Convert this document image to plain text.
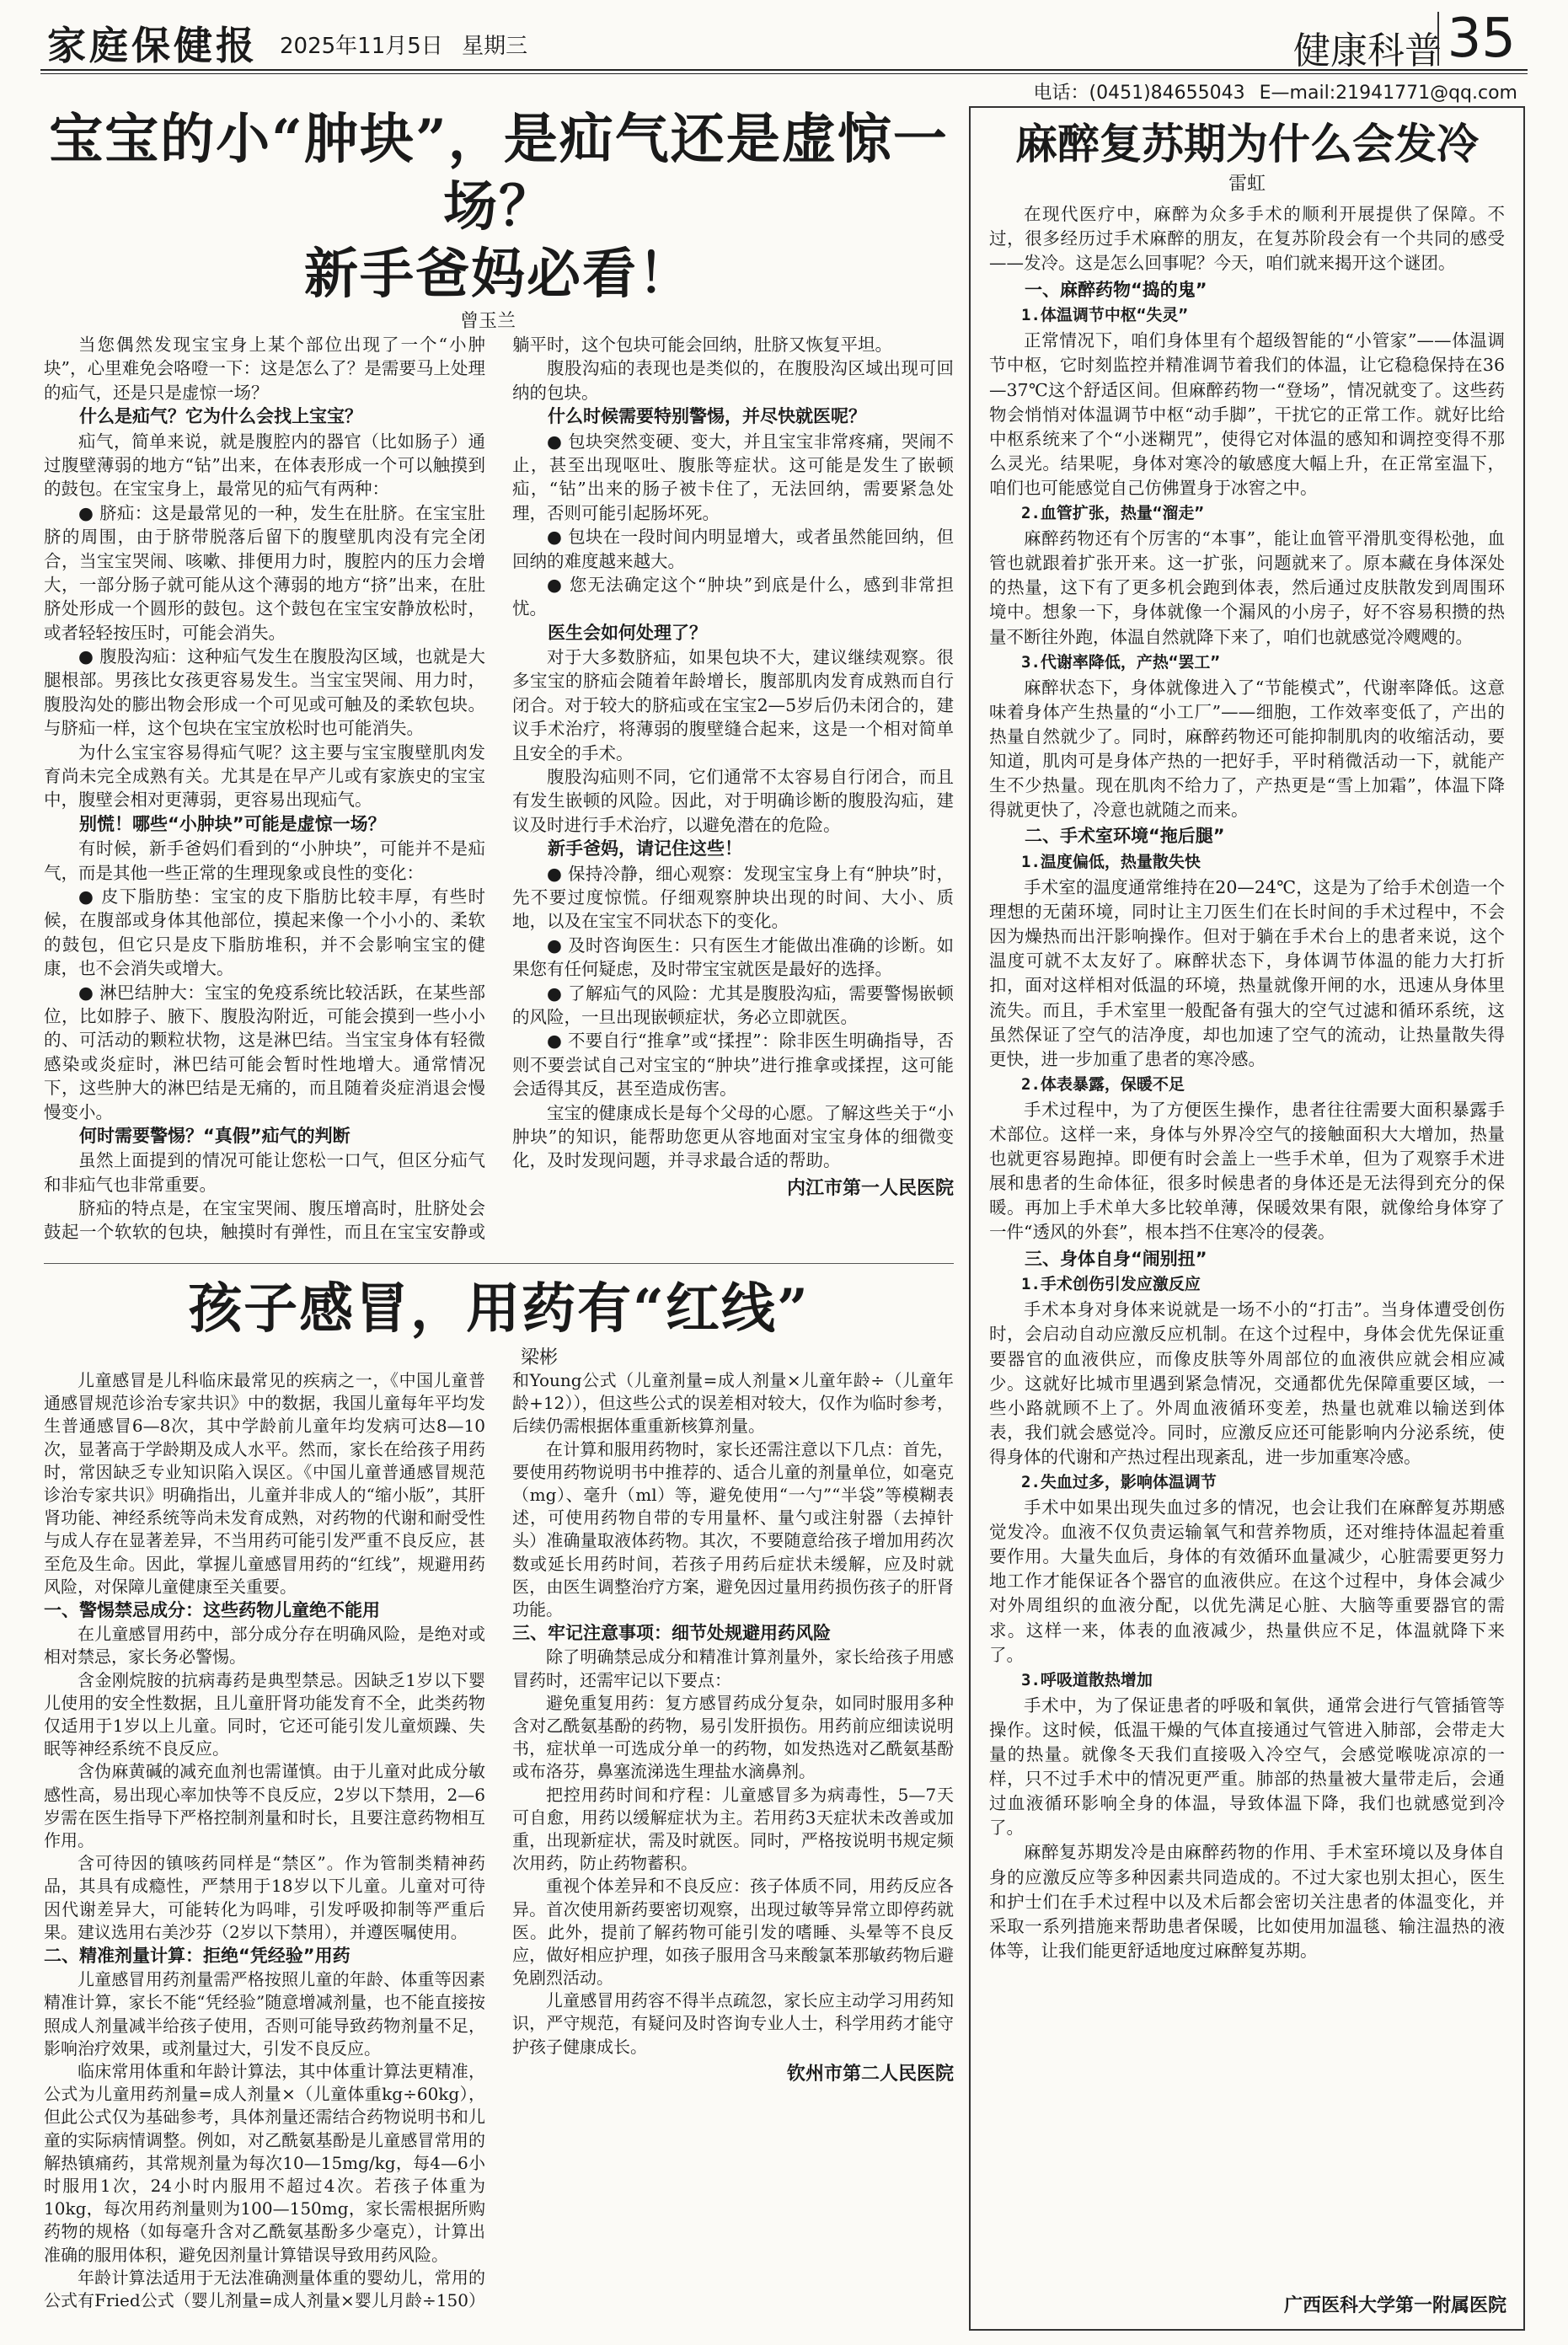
家庭保健报 2025年11月5日 星期三	健康科普 35
电话：(0451)84655043 E—mail:21941771@qq.com
宝宝的小“肿块”，是疝气还是虚惊一场？
新手爸妈必看！
曾玉兰

当您偶然发现宝宝身上某个部位出现了一个“小肿块”，心里难免会咯噔一下：这是怎么了？是需要马上处理的疝气，还是只是虚惊一场？

什么是疝气？它为什么会找上宝宝？

疝气，简单来说，就是腹腔内的器官（比如肠子）通过腹壁薄弱的地方“钻”出来，在体表形成一个可以触摸到的鼓包。在宝宝身上，最常见的疝气有两种：

● 脐疝：这是最常见的一种，发生在肚脐。在宝宝肚脐的周围，由于脐带脱落后留下的腹壁肌肉没有完全闭合，当宝宝哭闹、咳嗽、排便用力时，腹腔内的压力会增大，一部分肠子就可能从这个薄弱的地方“挤”出来，在肚脐处形成一个圆形的鼓包。这个鼓包在宝宝安静放松时，或者轻轻按压时，可能会消失。

● 腹股沟疝：这种疝气发生在腹股沟区域，也就是大腿根部。男孩比女孩更容易发生。当宝宝哭闹、用力时，腹股沟处的膨出物会形成一个可见或可触及的柔软包块。与脐疝一样，这个包块在宝宝放松时也可能消失。

为什么宝宝容易得疝气呢？这主要与宝宝腹壁肌肉发育尚未完全成熟有关。尤其是在早产儿或有家族史的宝宝中，腹壁会相对更薄弱，更容易出现疝气。

别慌！哪些“小肿块”可能是虚惊一场？

有时候，新手爸妈们看到的“小肿块”，可能并不是疝气，而是其他一些正常的生理现象或良性的变化：

● 皮下脂肪垫：宝宝的皮下脂肪比较丰厚，有些时候，在腹部或身体其他部位，摸起来像一个小小的、柔软的鼓包，但它只是皮下脂肪堆积，并不会影响宝宝的健康，也不会消失或增大。

● 淋巴结肿大：宝宝的免疫系统比较活跃，在某些部位，比如脖子、腋下、腹股沟附近，可能会摸到一些小小的、可活动的颗粒状物，这是淋巴结。当宝宝身体有轻微感染或炎症时，淋巴结可能会暂时性地增大。通常情况下，这些肿大的淋巴结是无痛的，而且随着炎症消退会慢慢变小。

何时需要警惕？“真假”疝气的判断

虽然上面提到的情况可能让您松一口气，但区分疝气和非疝气也非常重要。

脐疝的特点是，在宝宝哭闹、腹压增高时，肚脐处会鼓起一个软软的包块，触摸时有弹性，而且在宝宝安静或躺平时，这个包块可能会回纳，肚脐又恢复平坦。

腹股沟疝的表现也是类似的，在腹股沟区域出现可回纳的包块。

什么时候需要特别警惕，并尽快就医呢？

● 包块突然变硬、变大，并且宝宝非常疼痛，哭闹不止，甚至出现呕吐、腹胀等症状。这可能是发生了嵌顿疝，“钻”出来的肠子被卡住了，无法回纳，需要紧急处理，否则可能引起肠坏死。

● 包块在一段时间内明显增大，或者虽然能回纳，但回纳的难度越来越大。

● 您无法确定这个“肿块”到底是什么，感到非常担忧。

医生会如何处理了？

对于大多数脐疝，如果包块不大，建议继续观察。很多宝宝的脐疝会随着年龄增长，腹部肌肉发育成熟而自行闭合。对于较大的脐疝或在宝宝2—5岁后仍未闭合的，建议手术治疗，将薄弱的腹壁缝合起来，这是一个相对简单且安全的手术。

腹股沟疝则不同，它们通常不太容易自行闭合，而且有发生嵌顿的风险。因此，对于明确诊断的腹股沟疝，建议及时进行手术治疗，以避免潜在的危险。

新手爸妈，请记住这些！

● 保持冷静，细心观察：发现宝宝身上有“肿块”时，先不要过度惊慌。仔细观察肿块出现的时间、大小、质地，以及在宝宝不同状态下的变化。

● 及时咨询医生：只有医生才能做出准确的诊断。如果您有任何疑虑，及时带宝宝就医是最好的选择。

● 了解疝气的风险：尤其是腹股沟疝，需要警惕嵌顿的风险，一旦出现嵌顿症状，务必立即就医。

● 不要自行“推拿”或“揉捏”：除非医生明确指导，否则不要尝试自己对宝宝的“肿块”进行推拿或揉捏，这可能会适得其反，甚至造成伤害。

宝宝的健康成长是每个父母的心愿。了解这些关于“小肿块”的知识，能帮助您更从容地面对宝宝身体的细微变化，及时发现问题，并寻求最合适的帮助。

内江市第一人民医院
孩子感冒，用药有“红线”
梁彬

儿童感冒是儿科临床最常见的疾病之一，《中国儿童普通感冒规范诊治专家共识》中的数据，我国儿童每年平均发生普通感冒6—8次，其中学龄前儿童年均发病可达8—10次，显著高于学龄期及成人水平。然而，家长在给孩子用药时，常因缺乏专业知识陷入误区。《中国儿童普通感冒规范诊治专家共识》明确指出，儿童并非成人的“缩小版”，其肝肾功能、神经系统等尚未发育成熟，对药物的代谢和耐受性与成人存在显著差异，不当用药可能引发严重不良反应，甚至危及生命。因此，掌握儿童感冒用药的“红线”，规避用药风险，对保障儿童健康至关重要。

一、警惕禁忌成分：这些药物儿童绝不能用

在儿童感冒用药中，部分成分存在明确风险，是绝对或相对禁忌，家长务必警惕。

含金刚烷胺的抗病毒药是典型禁忌。因缺乏1岁以下婴儿使用的安全性数据，且儿童肝肾功能发育不全，此类药物仅适用于1岁以上儿童。同时，它还可能引发儿童烦躁、失眠等神经系统不良反应。

含伪麻黄碱的减充血剂也需谨慎。由于儿童对此成分敏感性高，易出现心率加快等不良反应，2岁以下禁用，2—6岁需在医生指导下严格控制剂量和时长，且要注意药物相互作用。

含可待因的镇咳药同样是“禁区”。作为管制类精神药品，其具有成瘾性，严禁用于18岁以下儿童。儿童对可待因代谢差异大，可能转化为吗啡，引发呼吸抑制等严重后果。建议选用右美沙芬（2岁以下禁用），并遵医嘱使用。

二、精准剂量计算：拒绝“凭经验”用药

儿童感冒用药剂量需严格按照儿童的年龄、体重等因素精准计算，家长不能“凭经验”随意增减剂量，也不能直接按照成人剂量减半给孩子使用，否则可能导致药物剂量不足，影响治疗效果，或剂量过大，引发不良反应。

临床常用体重和年龄计算法，其中体重计算法更精准，公式为儿童用药剂量=成人剂量×（儿童体重kg÷60kg），但此公式仅为基础参考，具体剂量还需结合药物说明书和儿童的实际病情调整。例如，对乙酰氨基酚是儿童感冒常用的解热镇痛药，其常规剂量为每次10—15mg/kg，每4—6小时服用1次，24小时内服用不超过4次。若孩子体重为10kg，每次用药剂量则为100—150mg，家长需根据所购药物的规格（如每毫升含对乙酰氨基酚多少毫克），计算出准确的服用体积，避免因剂量计算错误导致用药风险。

年龄计算法适用于无法准确测量体重的婴幼儿，常用的公式有Fried公式（婴儿剂量=成人剂量×婴儿月龄÷150）和Young公式（儿童剂量=成人剂量×儿童年龄÷（儿童年龄+12）），但这些公式的误差相对较大，仅作为临时参考，后续仍需根据体重重新核算剂量。

在计算和服用药物时，家长还需注意以下几点：首先，要使用药物说明书中推荐的、适合儿童的剂量单位，如毫克（mg）、毫升（ml）等，避免使用“一勺”“半袋”等模糊表述，可使用药物自带的专用量杯、量勺或注射器（去掉针头）准确量取液体药物。其次，不要随意给孩子增加用药次数或延长用药时间，若孩子用药后症状未缓解，应及时就医，由医生调整治疗方案，避免因过量用药损伤孩子的肝肾功能。

三、牢记注意事项：细节处规避用药风险

除了明确禁忌成分和精准计算剂量外，家长给孩子用感冒药时，还需牢记以下要点：

避免重复用药：复方感冒药成分复杂，如同时服用多种含对乙酰氨基酚的药物，易引发肝损伤。用药前应细读说明书，症状单一可选成分单一的药物，如发热选对乙酰氨基酚或布洛芬，鼻塞流涕选生理盐水滴鼻剂。

把控用药时间和疗程：儿童感冒多为病毒性，5—7天可自愈，用药以缓解症状为主。若用药3天症状未改善或加重，出现新症状，需及时就医。同时，严格按说明书规定频次用药，防止药物蓄积。

重视个体差异和不良反应：孩子体质不同，用药反应各异。首次使用新药要密切观察，出现过敏等异常立即停药就医。此外，提前了解药物可能引发的嗜睡、头晕等不良反应，做好相应护理，如孩子服用含马来酸氯苯那敏药物后避免剧烈活动。

儿童感冒用药容不得半点疏忽，家长应主动学习用药知识，严守规范，有疑问及时咨询专业人士，科学用药才能守护孩子健康成长。

钦州市第二人民医院
麻醉复苏期为什么会发冷
雷虹

在现代医疗中，麻醉为众多手术的顺利开展提供了保障。不过，很多经历过手术麻醉的朋友，在复苏阶段会有一个共同的感受——发冷。这是怎么回事呢？今天，咱们就来揭开这个谜团。

一、麻醉药物“捣的鬼”
1.体温调节中枢“失灵”

正常情况下，咱们身体里有个超级智能的“小管家”——体温调节中枢，它时刻监控并精准调节着我们的体温，让它稳稳保持在36—37℃这个舒适区间。但麻醉药物一“登场”，情况就变了。这些药物会悄悄对体温调节中枢“动手脚”，干扰它的正常工作。就好比给中枢系统来了个“小迷糊咒”，使得它对体温的感知和调控变得不那么灵光。结果呢，身体对寒冷的敏感度大幅上升，在正常室温下，咱们也可能感觉自己仿佛置身于冰窖之中。

2.血管扩张，热量“溜走”

麻醉药物还有个厉害的“本事”，能让血管平滑肌变得松弛，血管也就跟着扩张开来。这一扩张，问题就来了。原本藏在身体深处的热量，这下有了更多机会跑到体表，然后通过皮肤散发到周围环境中。想象一下，身体就像一个漏风的小房子，好不容易积攒的热量不断往外跑，体温自然就降下来了，咱们也就感觉冷飕飕的。

3.代谢率降低，产热“罢工”

麻醉状态下，身体就像进入了“节能模式”，代谢率降低。这意味着身体产生热量的“小工厂”——细胞，工作效率变低了，产出的热量自然就少了。同时，麻醉药物还可能抑制肌肉的收缩活动，要知道，肌肉可是身体产热的一把好手，平时稍微活动一下，就能产生不少热量。现在肌肉不给力了，产热更是“雪上加霜”，体温下降得就更快了，冷意也就随之而来。

二、手术室环境“拖后腿”
1.温度偏低，热量散失快

手术室的温度通常维持在20—24℃，这是为了给手术创造一个理想的无菌环境，同时让主刀医生们在长时间的手术过程中，不会因为燥热而出汗影响操作。但对于躺在手术台上的患者来说，这个温度可就不太友好了。麻醉状态下，身体调节体温的能力大打折扣，面对这样相对低温的环境，热量就像开闸的水，迅速从身体里流失。而且，手术室里一般配备有强大的空气过滤和循环系统，这虽然保证了空气的洁净度，却也加速了空气的流动，让热量散失得更快，进一步加重了患者的寒冷感。

2.体表暴露，保暖不足

手术过程中，为了方便医生操作，患者往往需要大面积暴露手术部位。这样一来，身体与外界冷空气的接触面积大大增加，热量也就更容易跑掉。即便有时会盖上一些手术单，但为了观察手术进展和患者的生命体征，很多时候患者的身体还是无法得到充分的保暖。再加上手术单大多比较单薄，保暖效果有限，就像给身体穿了一件“透风的外套”，根本挡不住寒冷的侵袭。

三、身体自身“闹别扭”
1.手术创伤引发应激反应

手术本身对身体来说就是一场不小的“打击”。当身体遭受创伤时，会启动自动应激反应机制。在这个过程中，身体会优先保证重要器官的血液供应，而像皮肤等外周部位的血液供应就会相应减少。这就好比城市里遇到紧急情况，交通都优先保障重要区域，一些小路就顾不上了。外周血液循环变差，热量也就难以输送到体表，我们就会感觉冷。同时，应激反应还可能影响内分泌系统，使得身体的代谢和产热过程出现紊乱，进一步加重寒冷感。

2.失血过多，影响体温调节

手术中如果出现失血过多的情况，也会让我们在麻醉复苏期感觉发冷。血液不仅负责运输氧气和营养物质，还对维持体温起着重要作用。大量失血后，身体的有效循环血量减少，心脏需要更努力地工作才能保证各个器官的血液供应。在这个过程中，身体会减少对外周组织的血液分配，以优先满足心脏、大脑等重要器官的需求。这样一来，体表的血液减少，热量供应不足，体温就降下来了。

3.呼吸道散热增加

手术中，为了保证患者的呼吸和氧供，通常会进行气管插管等操作。这时候，低温干燥的气体直接通过气管进入肺部，会带走大量的热量。就像冬天我们直接吸入冷空气，会感觉喉咙凉凉的一样，只不过手术中的情况更严重。肺部的热量被大量带走后，会通过血液循环影响全身的体温，导致体温下降，我们也就感觉到冷了。

麻醉复苏期发冷是由麻醉药物的作用、手术室环境以及身体自身的应激反应等多种因素共同造成的。不过大家也别太担心，医生和护士们在手术过程中以及术后都会密切关注患者的体温变化，并采取一系列措施来帮助患者保暖，比如使用加温毯、输注温热的液体等，让我们能更舒适地度过麻醉复苏期。

广西医科大学第一附属医院
